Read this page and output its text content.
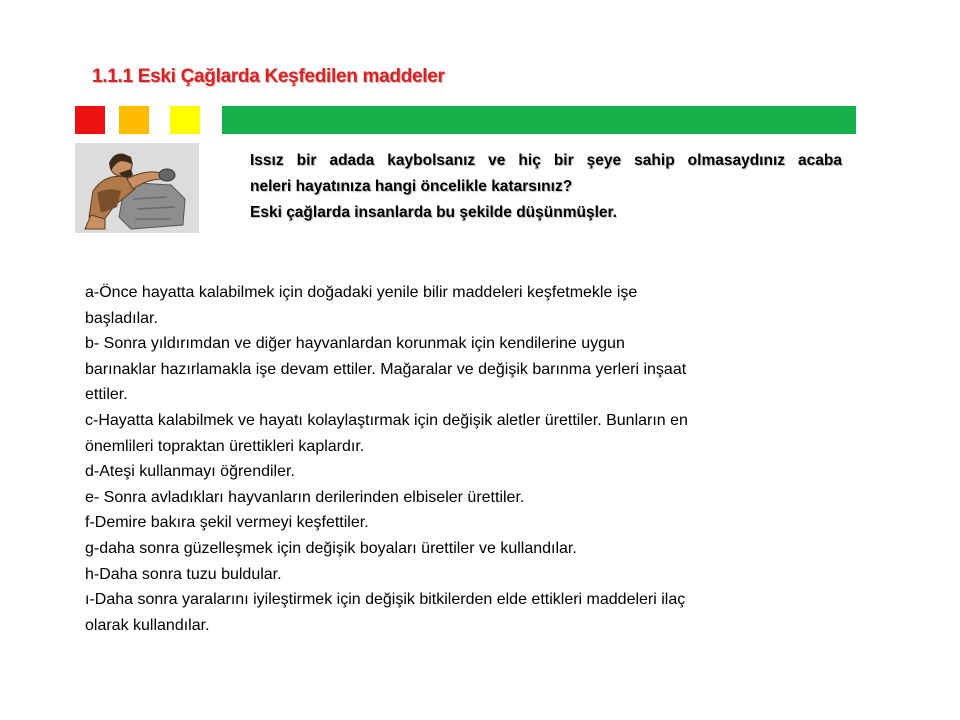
1.1.1 Eski Çağlarda Keşfedilen maddeler
Issız bir adada kaybolsanız ve hiç bir şeye sahip olmasaydınız acaba
neleri hayatınıza hangi öncelikle katarsınız?
Eski çağlarda insanlarda bu şekilde düşünmüşler.
a-Önce hayatta kalabilmek için doğadaki yenile bilir maddeleri keşfetmekle işe
başladılar.
b- Sonra yıldırımdan ve diğer hayvanlardan korunmak için kendilerine uygun
barınaklar hazırlamakla işe devam ettiler. Mağaralar ve değişik barınma yerleri inşaat
ettiler.
c-Hayatta kalabilmek ve hayatı kolaylaştırmak için değişik aletler ürettiler. Bunların en
önemlileri topraktan ürettikleri kaplardır.
d-Ateşi kullanmayı öğrendiler.
e- Sonra avladıkları hayvanların derilerinden elbiseler ürettiler.
f-Demire bakıra şekil vermeyi keşfettiler.
g-daha sonra güzelleşmek için değişik boyaları ürettiler ve kullandılar.
h-Daha sonra tuzu buldular.
ı-Daha sonra yaralarını iyileştirmek için değişik bitkilerden elde ettikleri maddeleri ilaç
olarak kullandılar.
